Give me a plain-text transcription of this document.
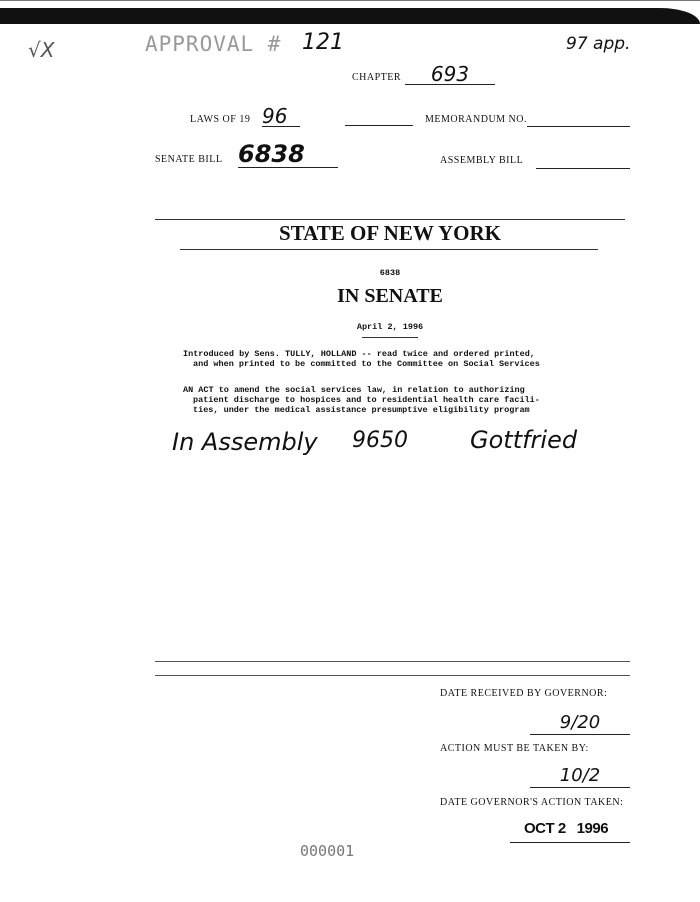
√X	APPROVAL # 121	97 app.
CHAPTER	693
LAWS OF 19 96	MEMORANDUM NO.
SENATE BILL 6838	ASSEMBLY BILL
STATE OF NEW YORK
6838
IN SENATE
April 2, 1996
Introduced by Sens. TULLY, HOLLAND -- read twice and ordered printed,
and when printed to be committed to the Committee on Social Services
AN ACT to amend the social services law, in relation to authorizing
patient discharge to hospices and to residential health care facili-
ties, under the medical assistance presumptive eligibility program
In Assembly 9650	Gottfried
DATE RECEIVED BY GOVERNOR:
9/20
ACTION MUST BE TAKEN BY:
10/2
DATE GOVERNOR'S ACTION TAKEN:
OCT 2   1996
000001
